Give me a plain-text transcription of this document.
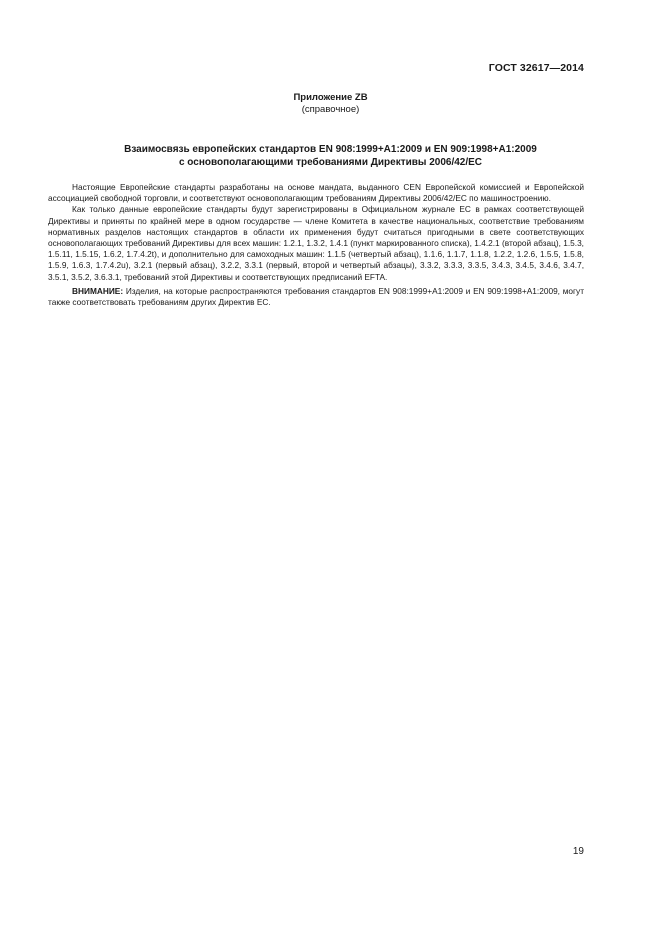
ГОСТ 32617—2014
Приложение ZB
(справочное)
Взаимосвязь европейских стандартов EN 908:1999+A1:2009 и EN 909:1998+A1:2009
с основополагающими требованиями Директивы 2006/42/ЕС

Настоящие Европейские стандарты разработаны на основе мандата, выданного CEN Европейской комиссией и Европейской ассоциацией свободной торговли, и соответствуют основополагающим требованиям Директивы 2006/42/ЕС по машиностроению.

Как только данные европейские стандарты будут зарегистрированы в Официальном журнале ЕС в рамках соответствующей Директивы и приняты по крайней мере в одном государстве — члене Комитета в качестве национальных, соответствие требованиям нормативных разделов настоящих стандартов в области их применения будут считаться пригодными в свете соответствующих основополагающих требований Директивы для всех машин: 1.2.1, 1.3.2, 1.4.1 (пункт маркированного списка), 1.4.2.1 (второй абзац), 1.5.3, 1.5.11, 1.5.15, 1.6.2, 1.7.4.2t), и дополнительно для самоходных машин: 1.1.5 (четвертый абзац), 1.1.6, 1.1.7, 1.1.8, 1.2.2, 1.2.6, 1.5.5, 1.5.8, 1.5.9, 1.6.3, 1.7.4.2u), 3.2.1 (первый абзац), 3.2.2, 3.3.1 (первый, второй и четвертый абзацы), 3.3.2, 3.3.3, 3.3.5, 3.4.3, 3.4.5, 3.4.6, 3.4.7, 3.5.1, 3.5.2, 3.6.3.1, требований этой Директивы и соответствующих предписаний EFTA.

ВНИМАНИЕ: Изделия, на которые распространяются требования стандартов EN 908:1999+A1:2009 и EN 909:1998+A1:2009, могут также соответствовать требованиям других Директив ЕС.

19
